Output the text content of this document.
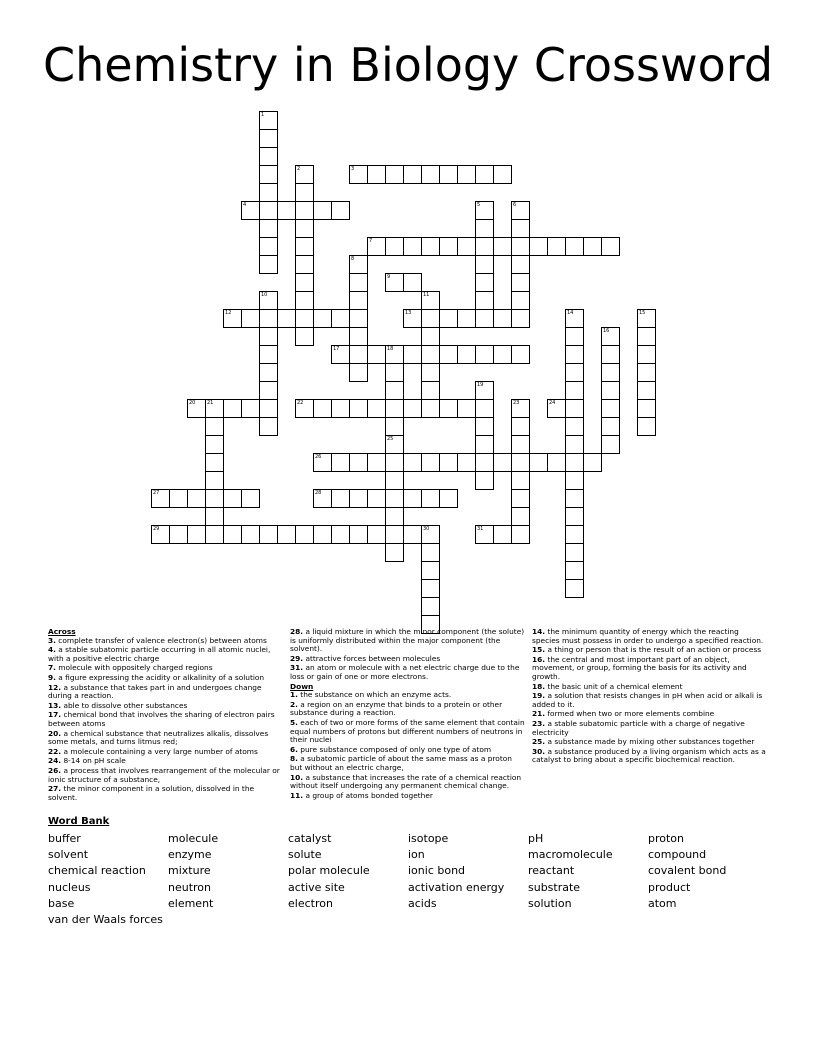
Chemistry in Biology Crossword
1
2	3
4	5	6
7
8
9
10	11
12	13	14	15
16
17	18
25
19
20 21	22	23	24
26
27	28
29	30	31
Across
3. complete transfer of valence electron(s) between atoms
4. a stable subatomic particle occurring in all atomic nuclei, with a positive electric charge
7. molecule with oppositely charged regions
9. a figure expressing the acidity or alkalinity of a solution
12. a substance that takes part in and undergoes change during a reaction.
13. able to dissolve other substances
17. chemical bond that involves the sharing of electron pairs between atoms
20. a chemical substance that neutralizes alkalis, dissolves some metals, and turns litmus red;
22. a molecule containing a very large number of atoms
24. 8-14 on pH scale
26. a process that involves rearrangement of the molecular or ionic structure of a substance,
27. the minor component in a solution, dissolved in the solvent.
28. a liquid mixture in which the minor component (the solute) is uniformly distributed within the major component (the solvent).
29. attractive forces between molecules
31. an atom or molecule with a net electric charge due to the loss or gain of one or more electrons.
Down
1. the substance on which an enzyme acts.
2. a region on an enzyme that binds to a protein or other substance during a reaction.
5. each of two or more forms of the same element that contain equal numbers of protons but different numbers of neutrons in their nuclei
6. pure substance composed of only one type of atom
8. a subatomic particle of about the same mass as a proton but without an electric charge,
10. a substance that increases the rate of a chemical reaction without itself undergoing any permanent chemical change.
11. a group of atoms bonded together
14. the minimum quantity of energy which the reacting species must possess in order to undergo a specified reaction.
15. a thing or person that is the result of an action or process
16. the central and most important part of an object, movement, or group, forming the basis for its activity and growth.
18. the basic unit of a chemical element
19. a solution that resists changes in pH when acid or alkali is added to it.
21. formed when two or more elements combine
23. a stable subatomic particle with a charge of negative electricity
25. a substance made by mixing other substances together
30. a substance produced by a living organism which acts as a catalyst to bring about a specific biochemical reaction.
Word Bank
buffer
solvent
chemical reaction
nucleus
base
van der Waals forces
molecule
enzyme
mixture
neutron
element
catalyst
solute
polar molecule
active site
electron
isotope
ion
ionic bond
activation energy
acids
pH
macromolecule
reactant
substrate
solution
proton
compound
covalent bond
product
atom
